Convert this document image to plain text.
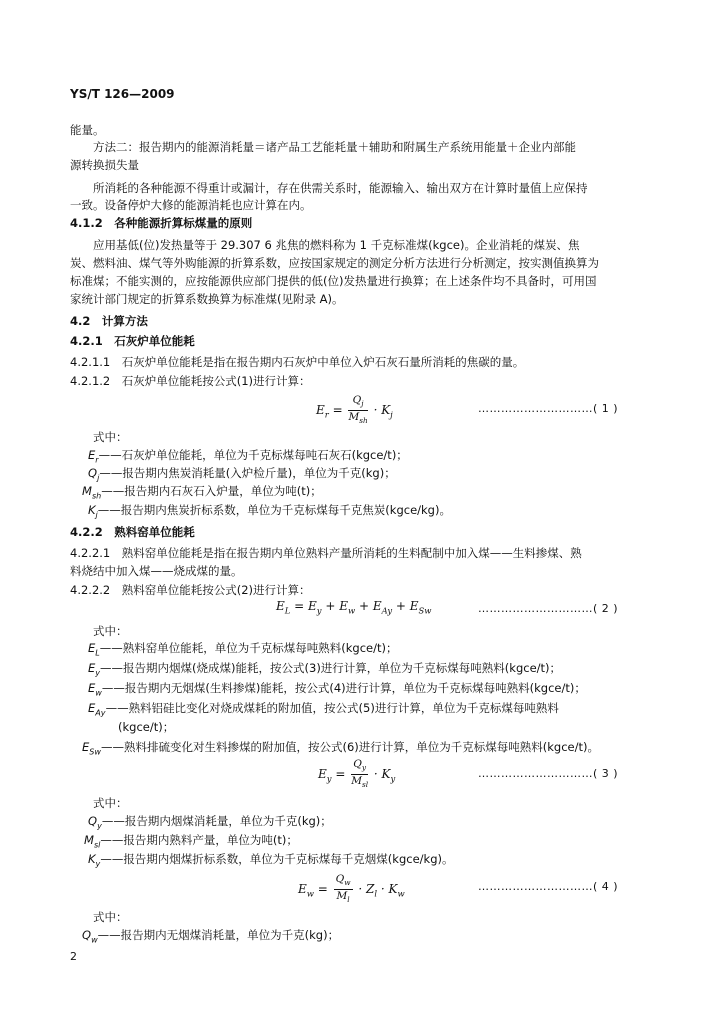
YS/T 126—2009
能量。
方法二：报告期内的能源消耗量＝诸产品工艺能耗量＋辅助和附属生产系统用能量＋企业内部能
源转换损失量
所消耗的各种能源不得重计或漏计，存在供需关系时，能源输入、输出双方在计算时量值上应保持
一致。设备停炉大修的能源消耗也应计算在内。
4.1.2　各种能源折算标煤量的原则
应用基低(位)发热量等于 29.307 6 兆焦的燃料称为 1 千克标准煤(kgce)。企业消耗的煤炭、焦
炭、燃料油、煤气等外购能源的折算系数，应按国家规定的测定分析方法进行分析测定，按实测值换算为
标准煤；不能实测的，应按能源供应部门提供的低(位)发热量进行换算；在上述条件均不具备时，可用国
家统计部门规定的折算系数换算为标准煤(见附录 A)。
4.2　计算方法
4.2.1　石灰炉单位能耗
4.2.1.1　石灰炉单位能耗是指在报告期内石灰炉中单位入炉石灰石量所消耗的焦碳的量。
4.2.1.2　石灰炉单位能耗按公式(1)进行计算：
$E_r = \frac{Q_j}{M_{sh}} \cdot K_j$	…………………………( 1 )
式中：
$E_r——$石灰炉单位能耗，单位为千克标煤每吨石灰石(kgce/t)；
$Q_j——$报告期内焦炭消耗量(入炉检斤量)，单位为千克(kg)；
$M_{sh}——$报告期内石灰石入炉量，单位为吨(t)；
$K_j——$报告期内焦炭折标系数，单位为千克标煤每千克焦炭(kgce/kg)。
4.2.2　熟料窑单位能耗
4.2.2.1　熟料窑单位能耗是指在报告期内单位熟料产量所消耗的生料配制中加入煤——生料掺煤、熟
料烧结中加入煤——烧成煤的量。
4.2.2.2　熟料窑单位能耗按公式(2)进行计算：
$E_L = E_y + E_w + E_{Ay} + E_{Sw}$	…………………………( 2 )
式中：
$E_L——$熟料窑单位能耗，单位为千克标煤每吨熟料(kgce/t)；
$E_y——$报告期内烟煤(烧成煤)能耗，按公式(3)进行计算，单位为千克标煤每吨熟料(kgce/t)；
$E_w——$报告期内无烟煤(生料掺煤)能耗，按公式(4)进行计算，单位为千克标煤每吨熟料(kgce/t)；
$E_{Ay}——$熟料铝硅比变化对烧成煤耗的附加值，按公式(5)进行计算，单位为千克标煤每吨熟料
(kgce/t)；
$E_{Sw}——$熟料排硫变化对生料掺煤的附加值，按公式(6)进行计算，单位为千克标煤每吨熟料(kgce/t)。
$E_y = \frac{Q_y}{M_{sl}} \cdot K_y$	…………………………( 3 )
式中：
$Q_y——$报告期内烟煤消耗量，单位为千克(kg)；
$M_{sl}——$报告期内熟料产量，单位为吨(t)；
$K_y——$报告期内烟煤折标系数，单位为千克标煤每千克烟煤(kgce/kg)。
$E_w = \frac{Q_w}{M_l} \cdot Z_l \cdot K_w$
…………………………( 4 )
式中：
$Q_w——$报告期内无烟煤消耗量，单位为千克(kg)；
2
